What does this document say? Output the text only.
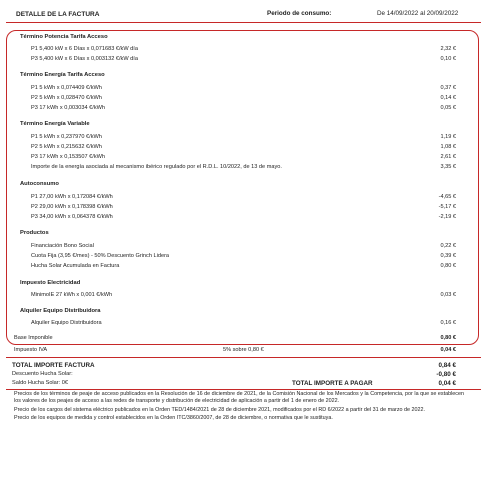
DETALLE DE LA FACTURA	Periodo de consumo:	De 14/09/2022 al 20/09/2022
Término Potencia Tarifa Acceso
P1 5,400 kW x 6 Días x 0,071683 €/kW día	2,32 €
P3 5,400 kW x 6 Días x 0,003132 €/kW día	0,10 €
Término Energía Tarifa Acceso
P1 5 kWh x 0,074409 €/kWh	0,37 €
P2 5 kWh x 0,028470 €/kWh	0,14 €
P3 17 kWh x 0,003034 €/kWh	0,05 €
Término Energía Variable
P1 5 kWh x 0,237970 €/kWh	1,19 €
P2 5 kWh x 0,215632 €/kWh	1,08 €
P3 17 kWh x 0,153507 €/kWh	2,61 €
Importe de la energía asociada al mecanismo ibérico regulado por el R.D.L. 10/2022, de 13 de mayo.	3,35 €
Autoconsumo
P1 27,00 kWh x 0,172084 €/kWh	-4,65 €
P2 29,00 kWh x 0,178398 €/kWh	-5,17 €
P3 34,00 kWh x 0,064378 €/kWh	-2,19 €
Productos
Financiación Bono Social	0,22 €
Cuota Fija (3,95 €/mes) - 50% Descuento Grinch Lidera	0,39 €
Hucha Solar Acumulada en Factura	0,80 €
Impuesto Electricidad
MinimoIE 27 kWh x 0,001 €/kWh	0,03 €
Alquiler Equipo Distribuidora
Alquiler Equipo Distribuidora	0,16 €
Base Imponible	0,80 €
Impuesto IVA	5% sobre 0,80 €	0,04 €
TOTAL IMPORTE FACTURA	0,84 €
Descuento Hucha Solar:	-0,80 €
Saldo Hucha Solar: 0€	TOTAL IMPORTE A PAGAR	0,04 €

Precios de los términos de peaje de acceso publicados en la Resolución de 16 de diciembre de 2021, de la Comisión Nacional de los Mercados y la Competencia, por la que se establecen los valores de los peajes de acceso a las redes de transporte y distribución de electricidad de aplicación a partir del 1 de enero de 2022.

Precio de los cargos del sistema eléctrico publicados en la Orden TED/1484/2021 de 28 de diciembre 2021, modificados por el RD 6/2022 a partir del 31 de marzo de 2022.

Precio de los equipos de medida y control establecidos en la Orden ITC/3860/2007, de 28 de diciembre, o normativa que le sustituya.
